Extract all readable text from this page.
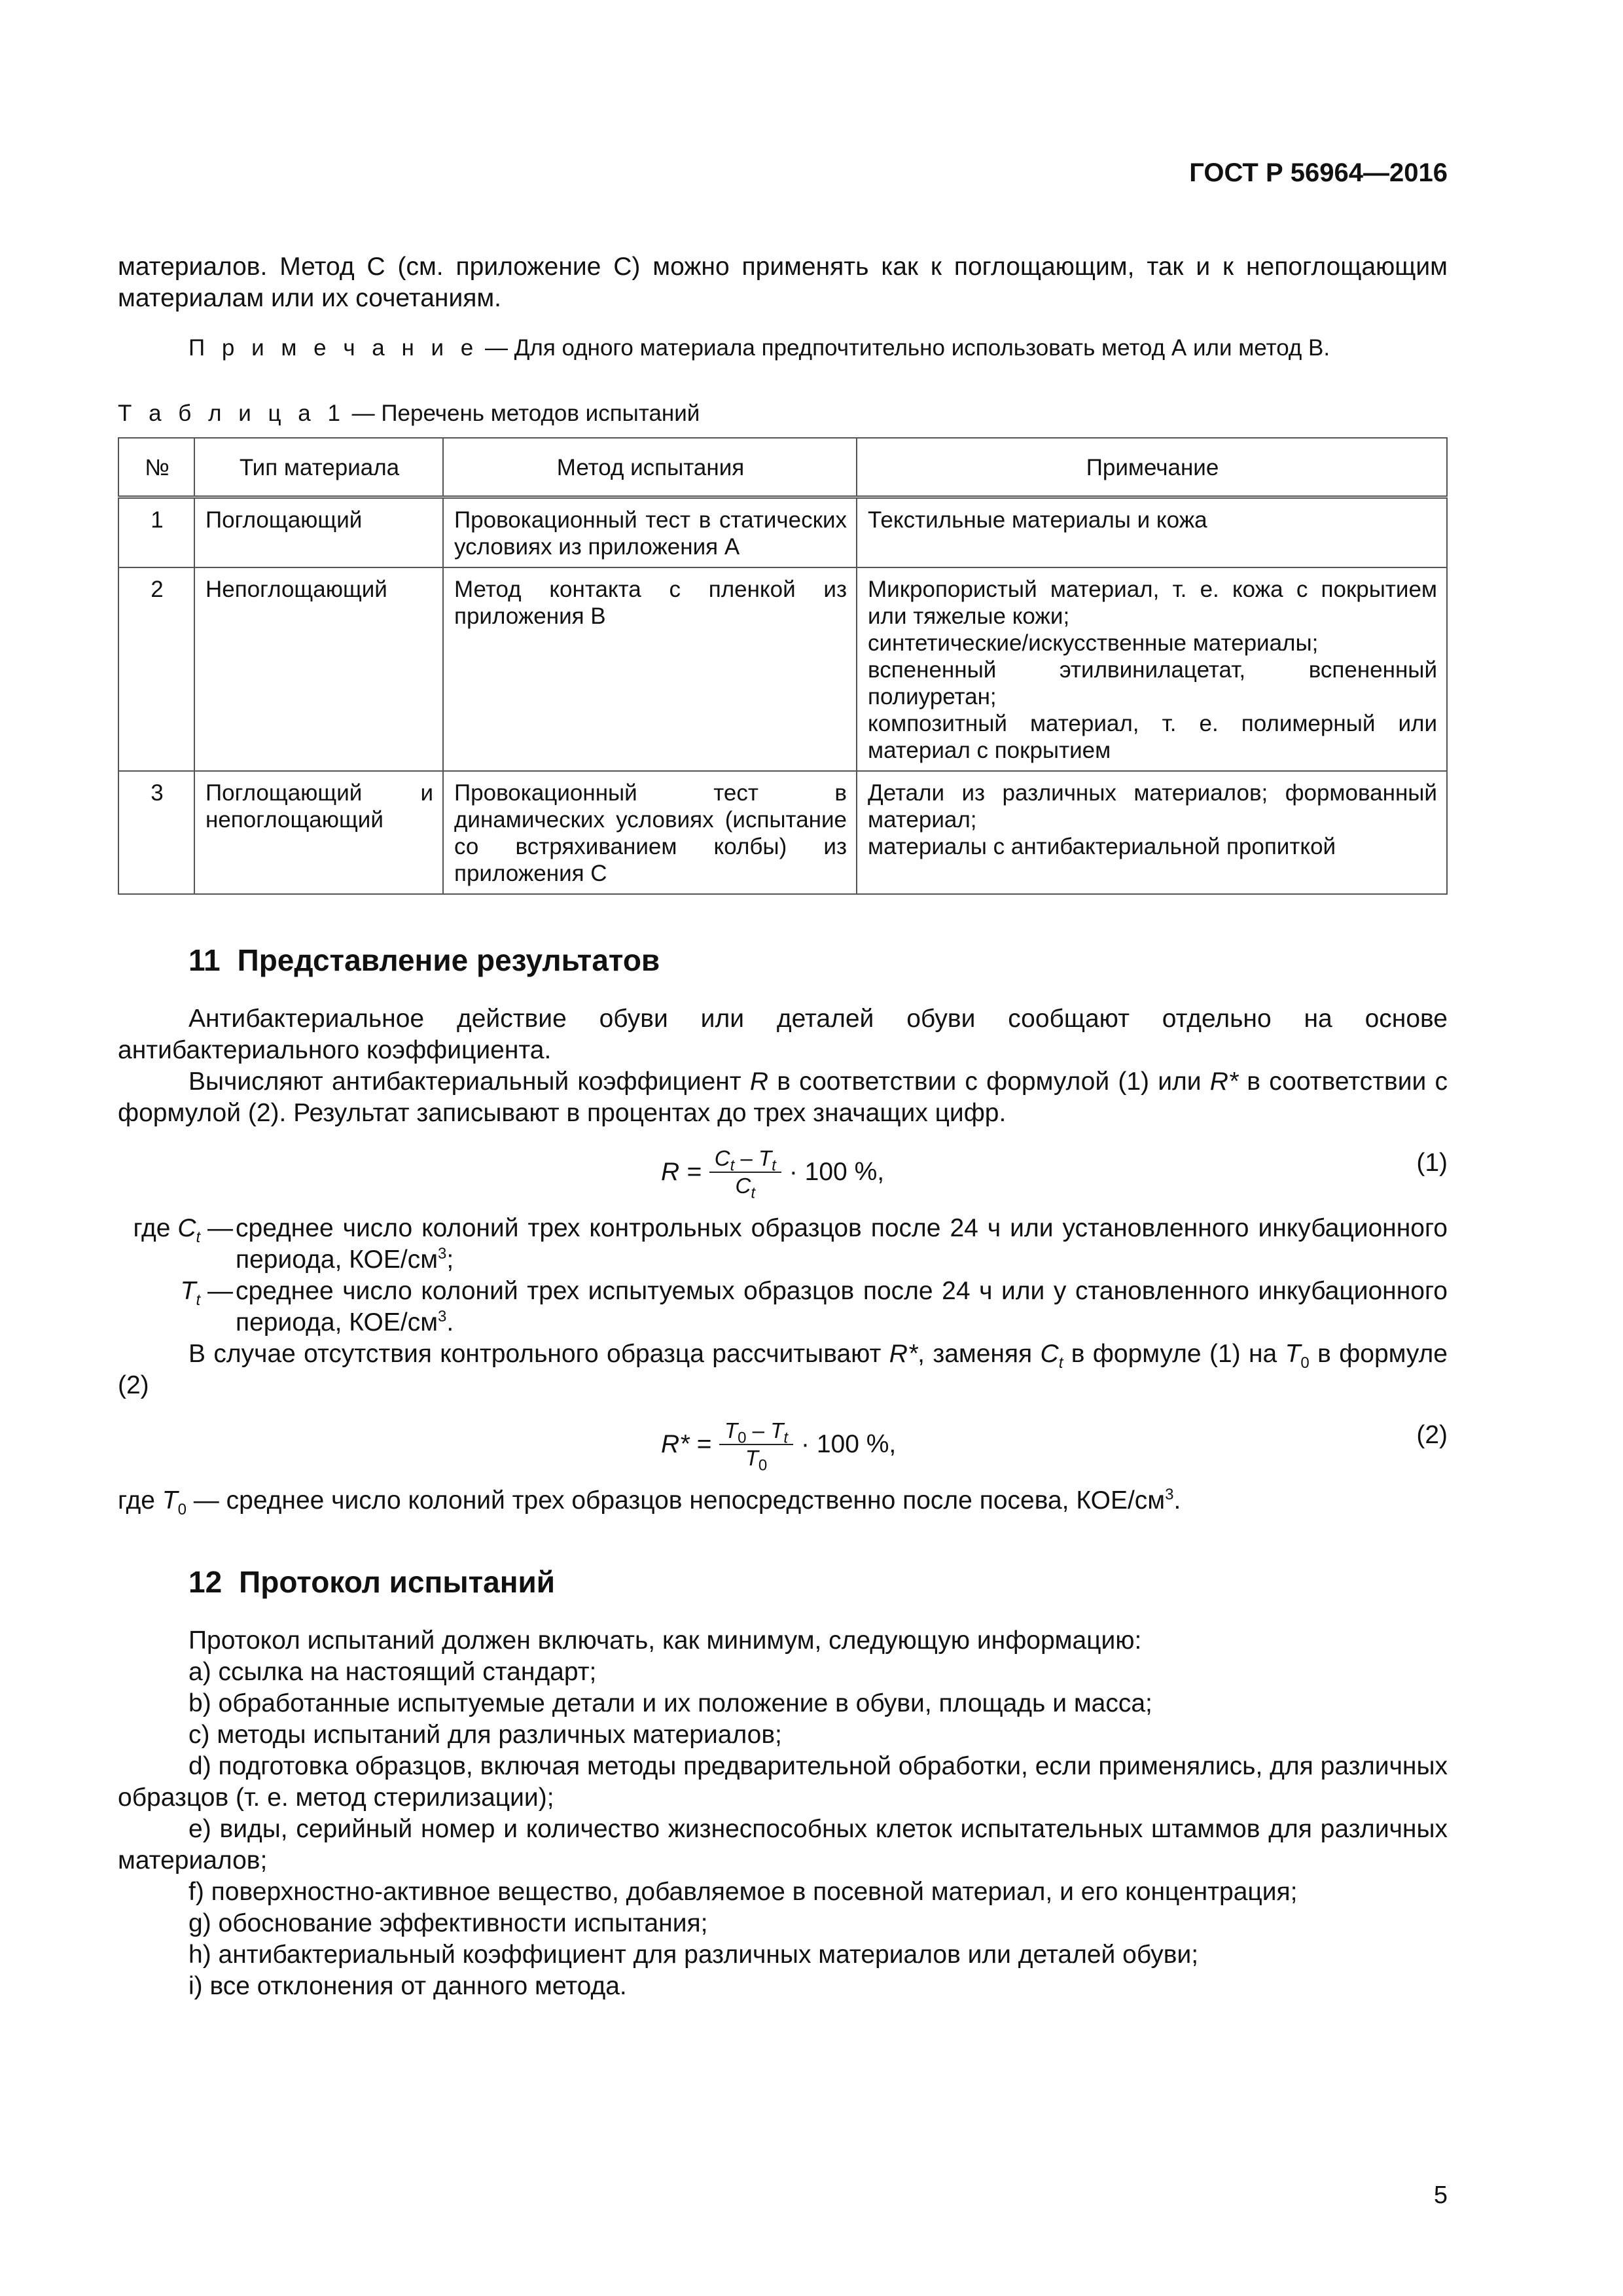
ГОСТ Р 56964—2016

материалов. Метод С (см. приложение С) можно применять как к поглощающим, так и к непоглощающим материалам или их сочетаниям.

П р и м е ч а н и е — Для одного материала предпочтительно использовать метод А или метод В.

Т а б л и ц а 1 — Перечень методов испытаний
№	Тип материала	Метод испытания	Примечание
1	Поглощающий	Провокационный тест в статических условиях из приложения А	Текстильные материалы и кожа

2	Непоглощающий	Метод контакта с пленкой из приложения В	Микропористый материал, т. е. кожа с покрытием или тяжелые кожи;
синтетические/искусственные материалы;
вспененный этилвинилацетат, вспененный полиуретан;
композитный материал, т. е. полимерный или материал с покрытием

3	Поглощающий и непоглощающий	Провокационный тест в динамических условиях (испытание со встряхиванием колбы) из приложения С	Детали из различных материалов; формованный материал;
материалы с антибактериальной пропиткой
11 Представление результатов

Антибактериальное действие обуви или деталей обуви сообщают отдельно на основе антибактериального коэффициента.

Вычисляют антибактериальный коэффициент R в соответствии с формулой (1) или R* в соответствии с формулой (2). Результат записывают в процентах до трех значащих цифр.

$R = \frac{C_t - T_t}{C_t} \cdot 100$ %,	(1)
где $C_t$ — среднее число колоний трех контрольных образцов после 24 ч или установленного инкубационного периода, КОЕ/$см^3$;
$T_t$ — среднее число колоний трех испытуемых образцов после 24 ч или у становленного инкубационного периода, КОЕ/$см^3$.

В случае отсутствия контрольного образца рассчитывают R*, заменяя $C_t$ в формуле (1) на $T_0$ в формуле (2)

$R* = \frac{T_0 - T_t}{T_0} \cdot 100$ %,	(2)

где $T_0$ — среднее число колоний трех образцов непосредственно после посева, КОЕ/$см^3$.

12 Протокол испытаний

Протокол испытаний должен включать, как минимум, следующую информацию:

а) ссылка на настоящий стандарт;

b) обработанные испытуемые детали и их положение в обуви, площадь и масса;

c) методы испытаний для различных материалов;

d) подготовка образцов, включая методы предварительной обработки, если применялись, для различных образцов (т. е. метод стерилизации);

e) виды, серийный номер и количество жизнеспособных клеток испытательных штаммов для различных материалов;

f) поверхностно-активное вещество, добавляемое в посевной материал, и его концентрация;

g) обоснование эффективности испытания;

h) антибактериальный коэффициент для различных материалов или деталей обуви;

i) все отклонения от данного метода.

5
